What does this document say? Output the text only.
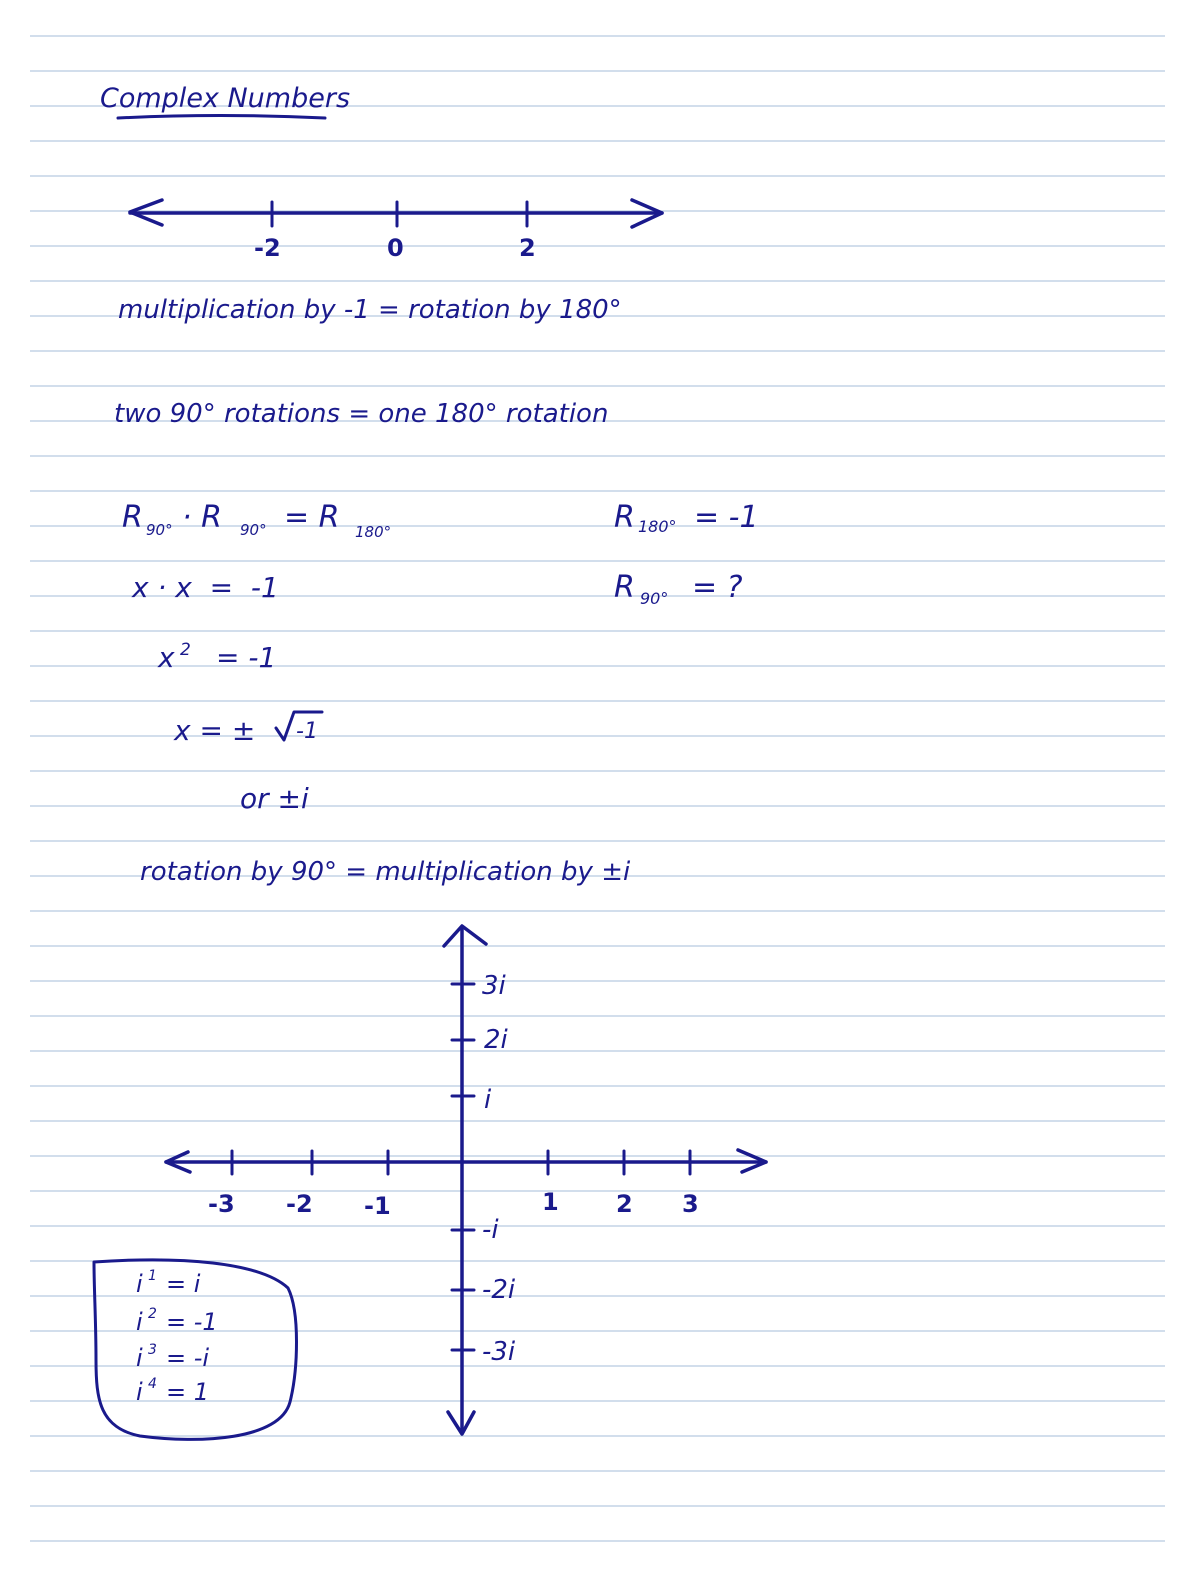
Complex Numbers
-2	0	2
multiplication by -1 = rotation by 180°
two 90° rotations = one 180° rotation
R 90° · R 90° = R 180°	R 180° = -1
x · x  =  -1	R 90° = ?
x 2 = -1
x = ± -1
or ±i
rotation by 90° = multiplication by ±i
-3 -2 -1	1 2 3
3i
2i
i
-i
-2i
-3i
i 1 = i
i 2 = -1
i 3 = -i
i 4 = 1
